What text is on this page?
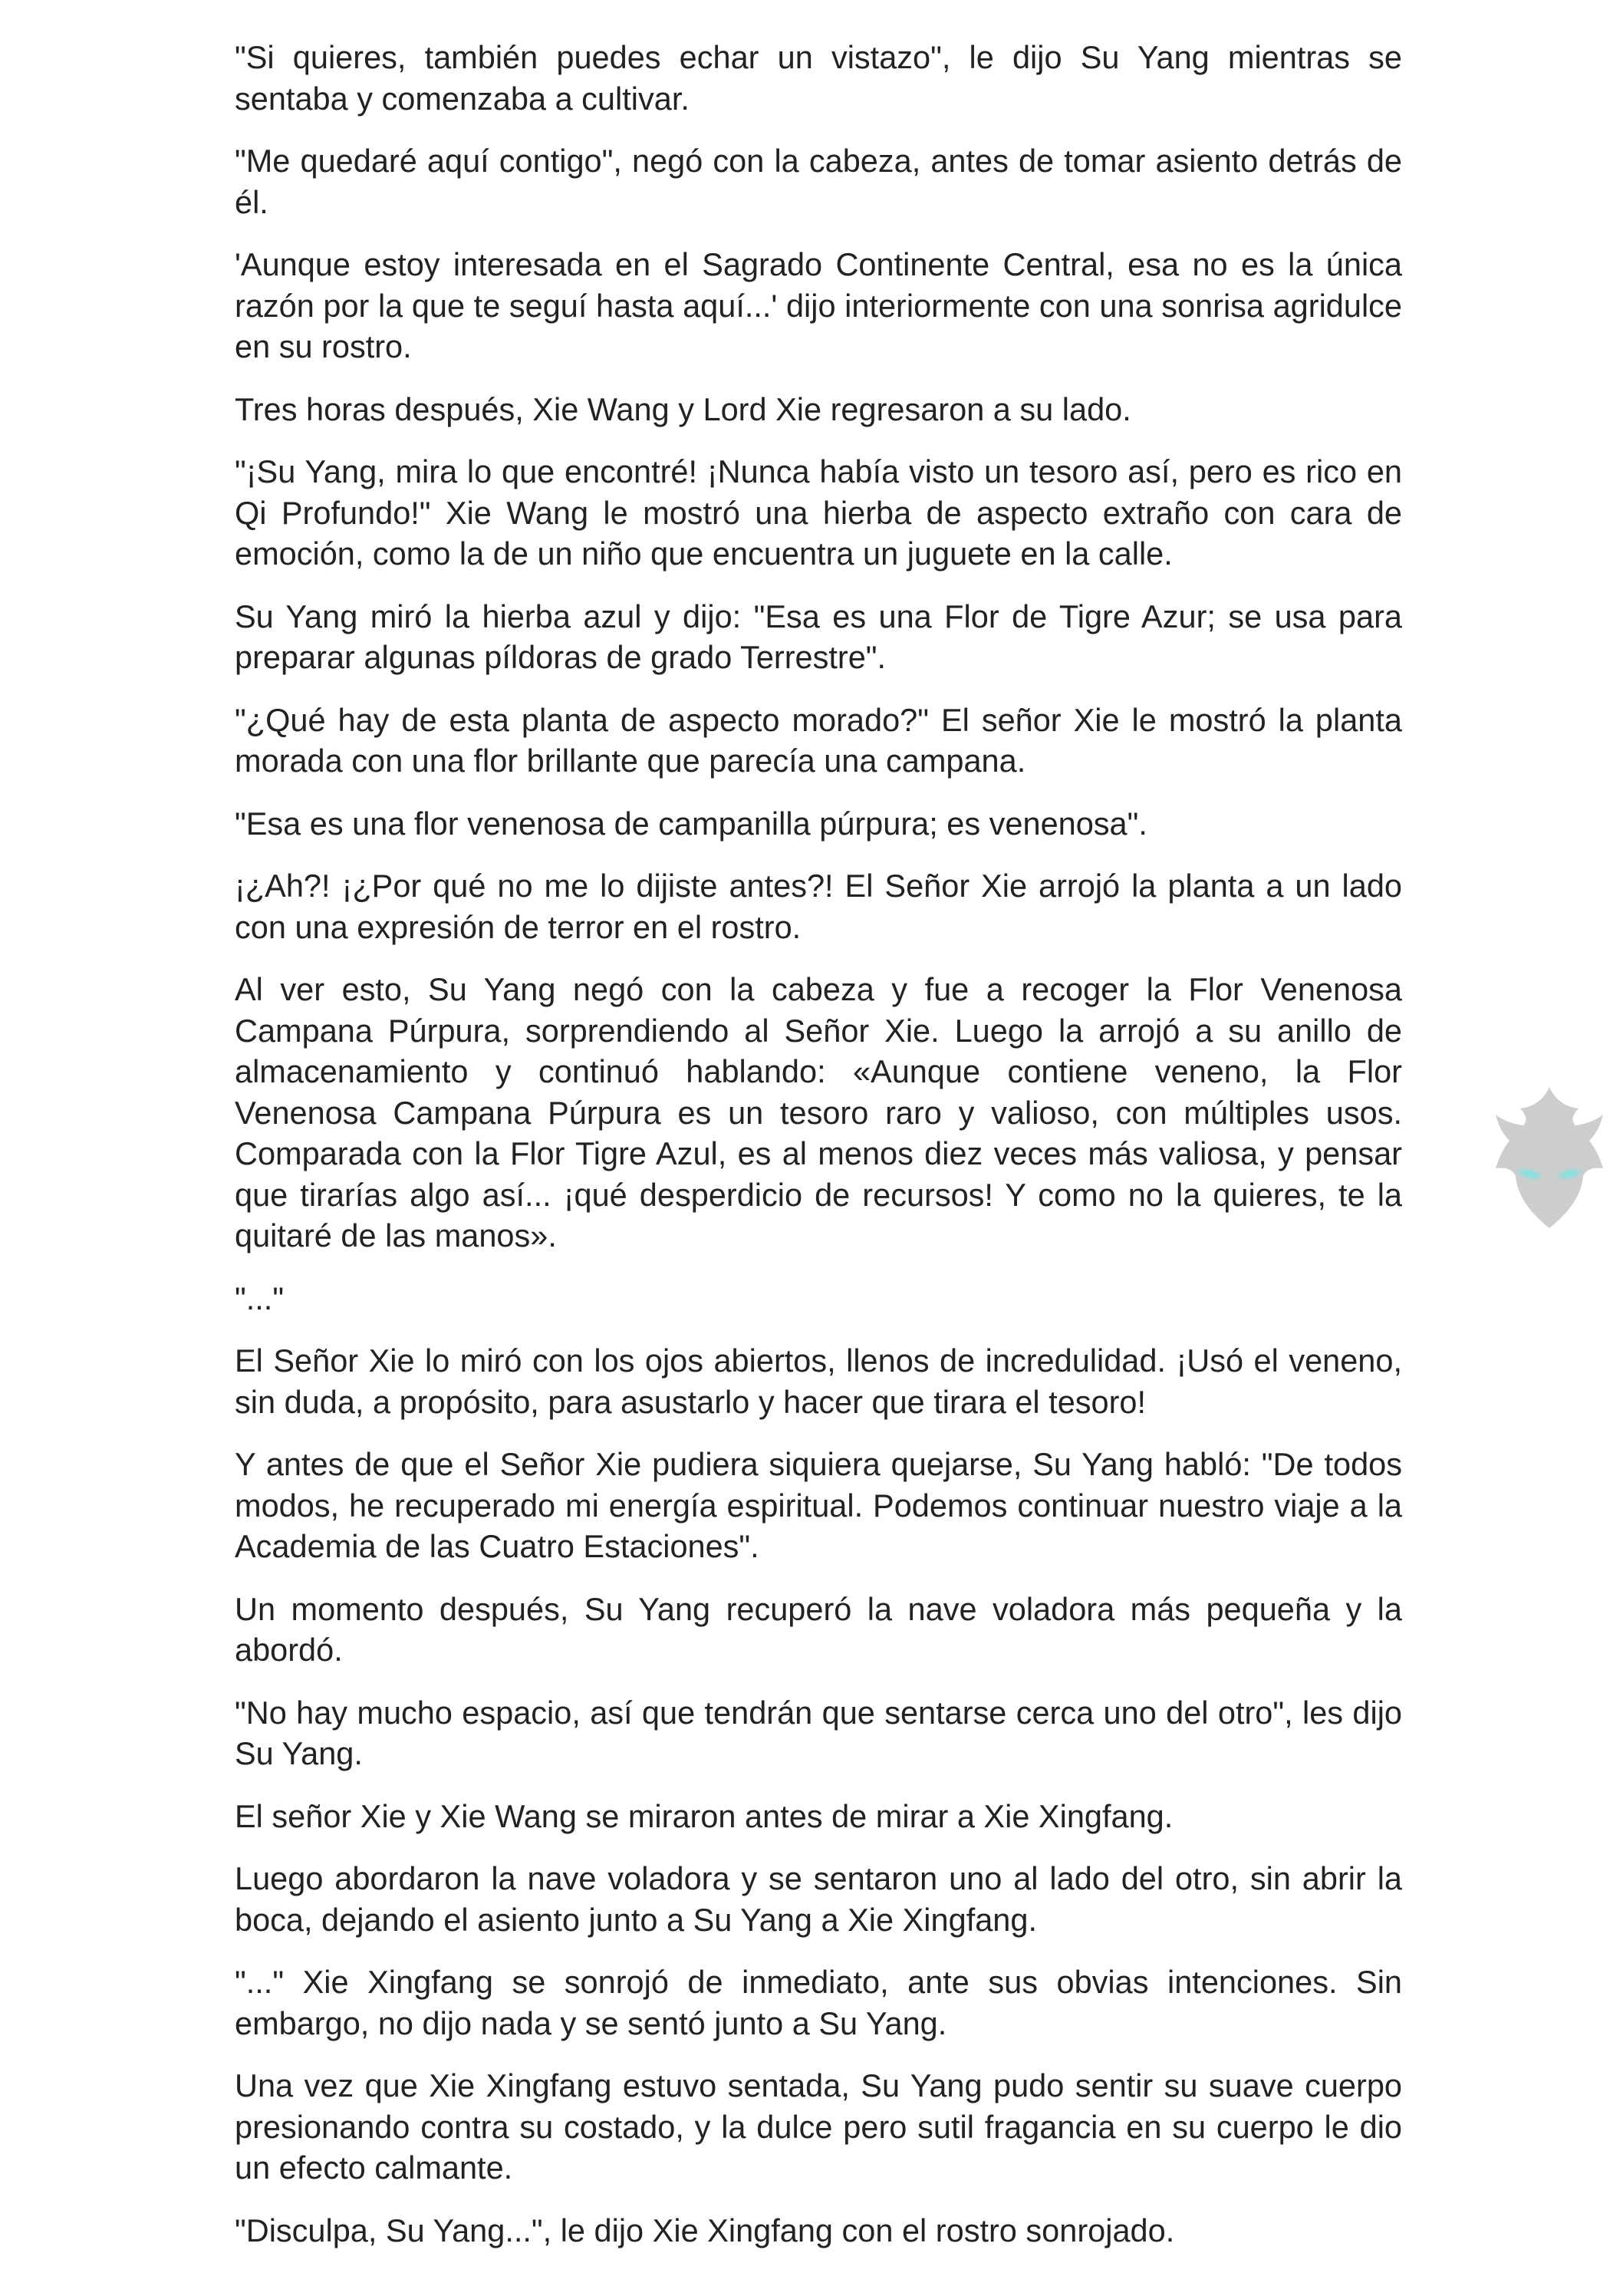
"Si quieres, también puedes echar un vistazo", le dijo Su Yang mientras se sentaba y comenzaba a cultivar.

"Me quedaré aquí contigo", negó con la cabeza, antes de tomar asiento detrás de él.

'Aunque estoy interesada en el Sagrado Continente Central, esa no es la única razón por la que te seguí hasta aquí...' dijo interiormente con una sonrisa agridulce en su rostro.

Tres horas después, Xie Wang y Lord Xie regresaron a su lado.

"¡Su Yang, mira lo que encontré! ¡Nunca había visto un tesoro así, pero es rico en Qi Profundo!" Xie Wang le mostró una hierba de aspecto extraño con cara de emoción, como la de un niño que encuentra un juguete en la calle.

Su Yang miró la hierba azul y dijo: "Esa es una Flor de Tigre Azur; se usa para preparar algunas píldoras de grado Terrestre".

"¿Qué hay de esta planta de aspecto morado?" El señor Xie le mostró la planta morada con una flor brillante que parecía una campana.

"Esa es una flor venenosa de campanilla púrpura; es venenosa".

¡¿Ah?! ¡¿Por qué no me lo dijiste antes?! El Señor Xie arrojó la planta a un lado con una expresión de terror en el rostro.

Al ver esto, Su Yang negó con la cabeza y fue a recoger la Flor Venenosa Campana Púrpura, sorprendiendo al Señor Xie. Luego la arrojó a su anillo de almacenamiento y continuó hablando: «Aunque contiene veneno, la Flor Venenosa Campana Púrpura es un tesoro raro y valioso, con múltiples usos. Comparada con la Flor Tigre Azul, es al menos diez veces más valiosa, y pensar que tirarías algo así... ¡qué desperdicio de recursos! Y como no la quieres, te la quitaré de las manos».

"..."

El Señor Xie lo miró con los ojos abiertos, llenos de incredulidad. ¡Usó el veneno, sin duda, a propósito, para asustarlo y hacer que tirara el tesoro!

Y antes de que el Señor Xie pudiera siquiera quejarse, Su Yang habló: "De todos modos, he recuperado mi energía espiritual. Podemos continuar nuestro viaje a la Academia de las Cuatro Estaciones".

Un momento después, Su Yang recuperó la nave voladora más pequeña y la abordó.

"No hay mucho espacio, así que tendrán que sentarse cerca uno del otro", les dijo Su Yang.

El señor Xie y Xie Wang se miraron antes de mirar a Xie Xingfang.

Luego abordaron la nave voladora y se sentaron uno al lado del otro, sin abrir la boca, dejando el asiento junto a Su Yang a Xie Xingfang.

"..." Xie Xingfang se sonrojó de inmediato, ante sus obvias intenciones. Sin embargo, no dijo nada y se sentó junto a Su Yang.

Una vez que Xie Xingfang estuvo sentada, Su Yang pudo sentir su suave cuerpo presionando contra su costado, y la dulce pero sutil fragancia en su cuerpo le dio un efecto calmante.

"Disculpa, Su Yang...", le dijo Xie Xingfang con el rostro sonrojado.
